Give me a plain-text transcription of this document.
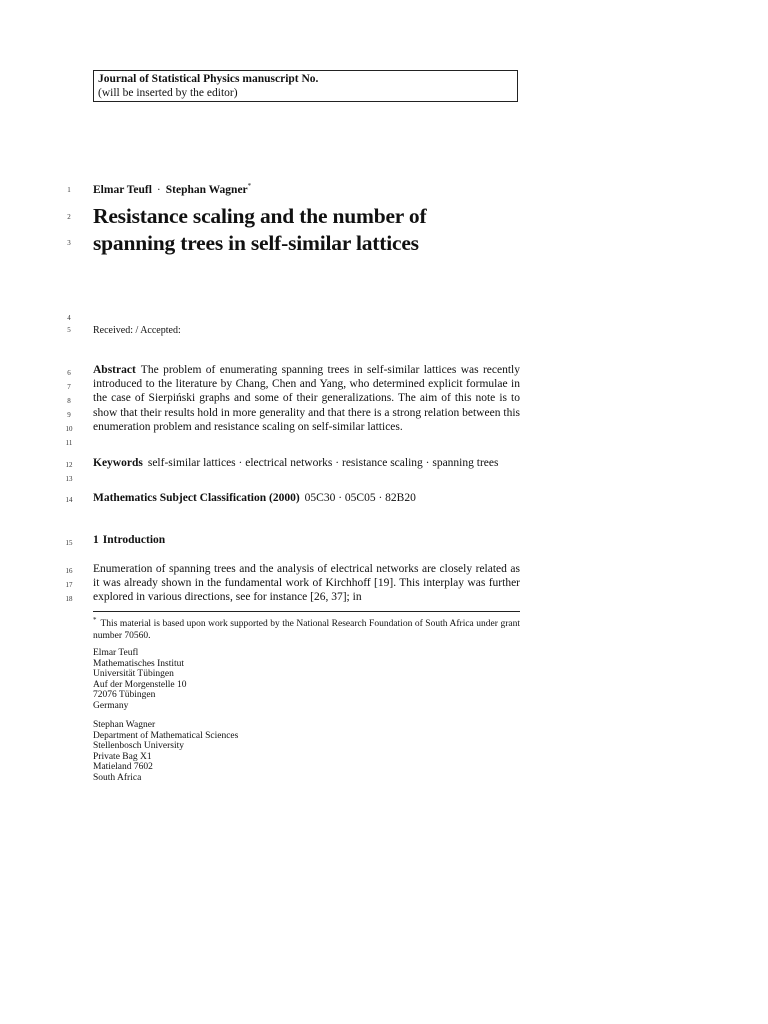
Journal of Statistical Physics manuscript No.
(will be inserted by the editor)
1
2
3
4
5
6
7
8
9
10
11
12
13
14
15
16
17
18
Elmar Teufl · Stephan Wagner*
Resistance scaling and the number of
spanning trees in self-similar lattices
Received: / Accepted:
Abstract The problem of enumerating spanning trees in self-similar lattices was recently introduced to the literature by Chang, Chen and Yang, who determined explicit formulae in the case of Sierpiński graphs and some of their generalizations. The aim of this note is to show that their results hold in more generality and that there is a strong relation between this enumeration problem and resistance scaling on self-similar lattices.
Keywords self-similar lattices · electrical networks · resistance scaling · spanning trees
Mathematics Subject Classification (2000) 05C30 · 05C05 · 82B20
1 Introduction
Enumeration of spanning trees and the analysis of electrical networks are closely related as it was already shown in the fundamental work of Kirchhoff [19]. This interplay was further explored in various directions, see for instance [26, 37]; in
* This material is based upon work supported by the National Research Foundation of South Africa under grant number 70560.
Elmar Teufl
Mathematisches Institut
Universität Tübingen
Auf der Morgenstelle 10
72076 Tübingen
Germany
Stephan Wagner
Department of Mathematical Sciences
Stellenbosch University
Private Bag X1
Matieland 7602
South Africa
